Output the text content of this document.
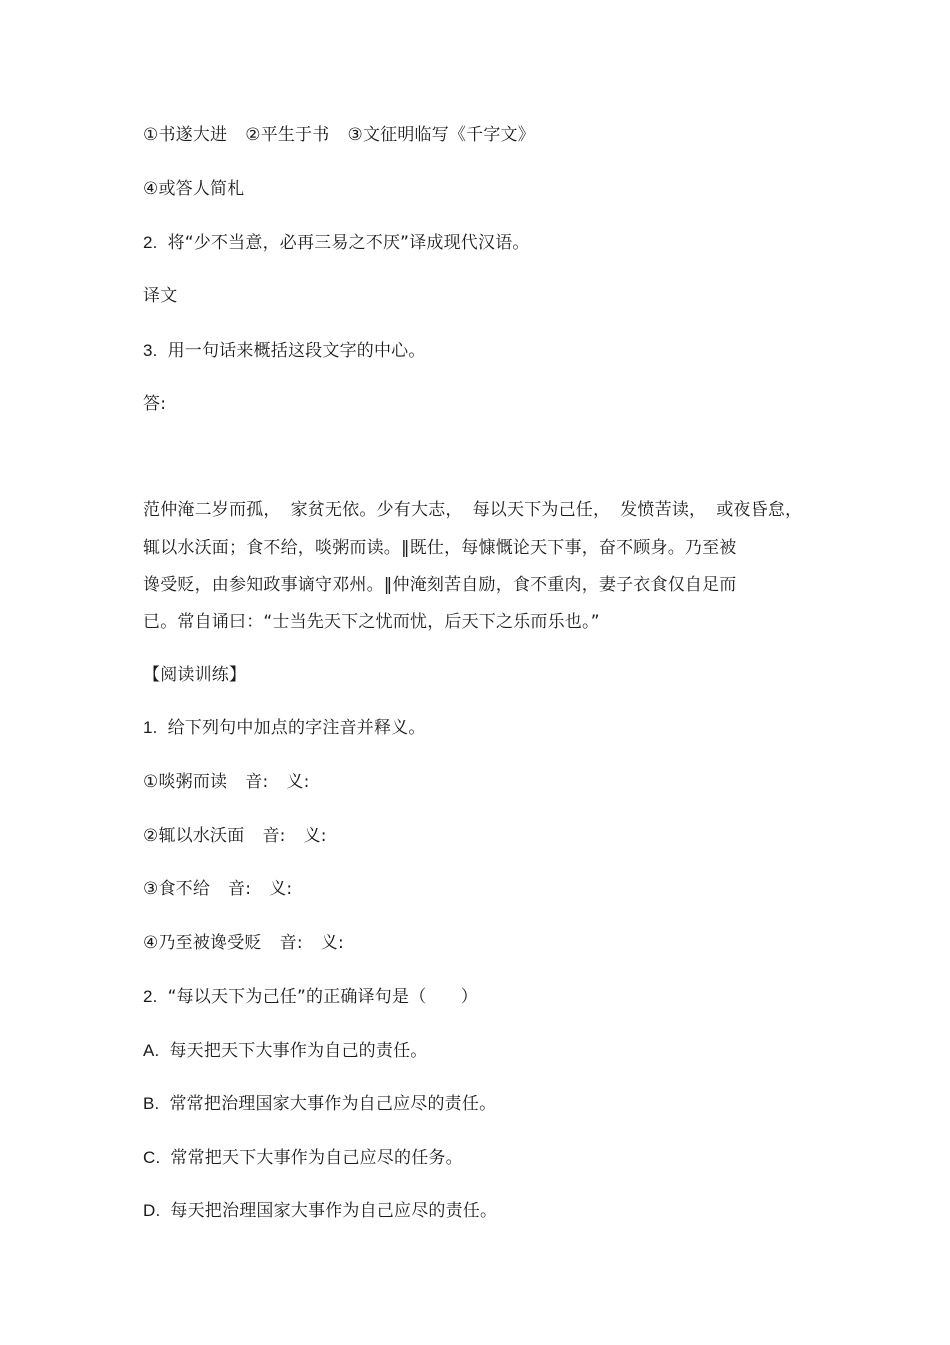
①书遂大进 ②平生于书 ③文征明临写《千字文》
④或答人简札
2. 将“少不当意，必再三易之不厌”译成现代汉语。
译文
3. 用一句话来概括这段文字的中心。
答:
范仲淹二岁而孤， 家贫无依。少有大志， 每以天下为己任， 发愤苦读， 或夜昏怠，
辄以水沃面；食不给，啖粥而读。‖既仕，每慷慨论天下事，奋不顾身。乃至被
谗受贬，由参知政事谪守邓州。‖仲淹刻苦自励，食不重肉，妻子衣食仅自足而
已。常自诵曰：“士当先天下之忧而忧，后天下之乐而乐也。”
【阅读训练】
1. 给下列句中加点的字注音并释义。
①啖粥而读 音: 义:
②辄以水沃面 音: 义:
③食不给 音: 义:
④乃至被谗受贬 音: 义:
2. “每以天下为己任”的正确译句是（　　）
A. 每天把天下大事作为自己的责任。
B. 常常把治理国家大事作为自己应尽的责任。
C. 常常把天下大事作为自己应尽的任务。
D. 每天把治理国家大事作为自己应尽的责任。
